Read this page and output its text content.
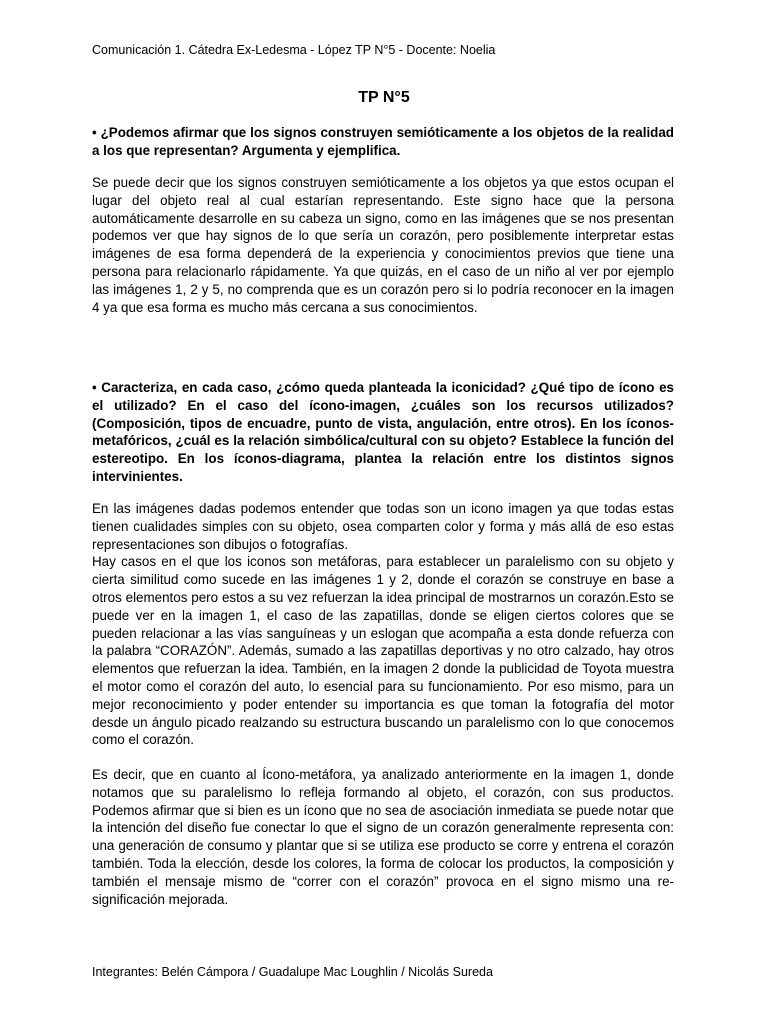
Comunicación 1. Cátedra Ex-Ledesma - López TP N°5 - Docente: Noelia
TP N°5

• ¿Podemos afirmar que los signos construyen semióticamente a los objetos de la realidad a los que representan? Argumenta y ejemplifica.

Se puede decir que los signos construyen semióticamente a los objetos ya que estos ocupan el lugar del objeto real al cual estarían representando. Este signo hace que la persona automáticamente desarrolle en su cabeza un signo, como en las imágenes que se nos presentan podemos ver que hay signos de lo que sería un corazón, pero posiblemente interpretar estas imágenes de esa forma dependerá de la experiencia y conocimientos previos que tiene una persona para relacionarlo rápidamente. Ya que quizás, en el caso de un niño al ver por ejemplo las imágenes 1, 2 y 5, no comprenda que es un corazón pero si lo podría reconocer en la imagen 4 ya que esa forma es mucho más cercana a sus conocimientos.

• Caracteriza, en cada caso, ¿cómo queda planteada la iconicidad? ¿Qué tipo de ícono es el utilizado? En el caso del ícono-imagen, ¿cuáles son los recursos utilizados? (Composición, tipos de encuadre, punto de vista, angulación, entre otros). En los íconos-metafóricos, ¿cuál es la relación simbólica/cultural con su objeto? Establece la función del estereotipo. En los íconos-diagrama, plantea la relación entre los distintos signos intervinientes.

En las imágenes dadas podemos entender que todas son un icono imagen ya que todas estas tienen cualidades simples con su objeto, osea comparten color y forma y más allá de eso estas representaciones son dibujos o fotografías.

Hay casos en el que los iconos son metáforas, para establecer un paralelismo con su objeto y cierta similitud como sucede en las imágenes 1 y 2, donde el corazón se construye en base a otros elementos pero estos a su vez refuerzan la idea principal de mostrarnos un corazón.Esto se puede ver en la imagen 1, el caso de las zapatillas, donde se eligen ciertos colores que se pueden relacionar a las vías sanguíneas y un eslogan que acompaña a esta donde refuerza con la palabra “CORAZÓN”. Además, sumado a las zapatillas deportivas y no otro calzado, hay otros elementos que refuerzan la idea. También, en la imagen 2 donde la publicidad de Toyota muestra el motor como el corazón del auto, lo esencial para su funcionamiento. Por eso mismo, para un mejor reconocimiento y poder entender su importancia es que toman la fotografía del motor desde un ángulo picado realzando su estructura buscando un paralelismo con lo que conocemos como el corazón.

Es decir, que en cuanto al Ícono-metáfora, ya analizado anteriormente en la imagen 1, donde notamos que su paralelismo lo refleja formando al objeto, el corazón, con sus productos. Podemos afirmar que si bien es un ícono que no sea de asociación inmediata se puede notar que la intención del diseño fue conectar lo que el signo de un corazón generalmente representa con: una generación de consumo y plantar que si se utiliza ese producto se corre y entrena el corazón también. Toda la elección, desde los colores, la forma de colocar los productos, la composición y también el mensaje mismo de “correr con el corazón” provoca en el signo mismo una re-significación mejorada.

Integrantes: Belén Cámpora / Guadalupe Mac Loughlin / Nicolás Sureda
